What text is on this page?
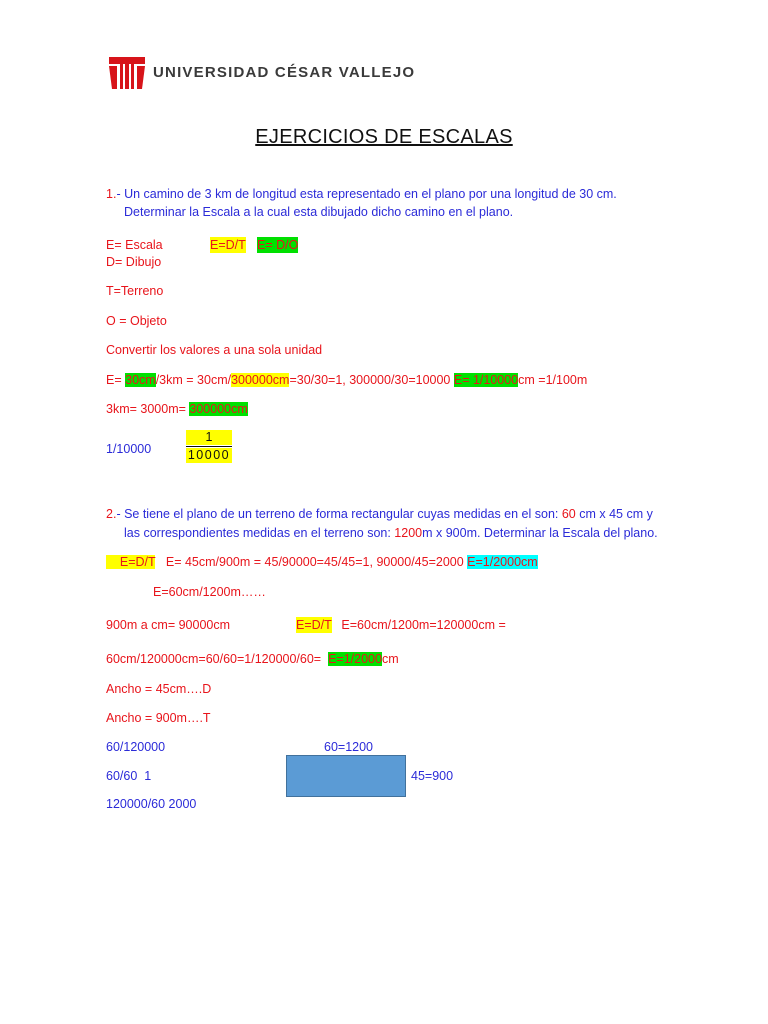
UNIVERSIDAD CÉSAR VALLEJO
EJERCICIOS DE ESCALAS
1.- Un camino de 3 km de longitud esta representado en el plano por una longitud de 30 cm.
Determinar la Escala a la cual esta dibujado dicho camino en el plano.
E= Escala	E=D/T E= D/O
D= Dibujo
T=Terreno
O = Objeto
Convertir los valores a una sola unidad
E= 30cm/3km = 30cm/300000cm=30/30=1, 300000/30=10000 E= 1/10000cm =1/100m
3km= 3000m= 300000cm
1/10000
1
10000
2.- Se tiene el plano de un terreno de forma rectangular cuyas medidas en el son: 60 cm x 45 cm y
las correspondientes medidas en el terreno son: 1200m x 900m. Determinar la Escala del plano.
E=D/T   E= 45cm/900m = 45/90000=45/45=1, 90000/45=2000 E=1/2000cm
E=60cm/1200m……
900m a cm= 90000cm	E=D/T E=60cm/1200m=120000cm =
60cm/120000cm=60/60=1/120000/60=  E=1/2000cm
Ancho = 45cm….D
Ancho = 900m….T
60/120000	60=1200
60/60  1	45=900
120000/60 2000
